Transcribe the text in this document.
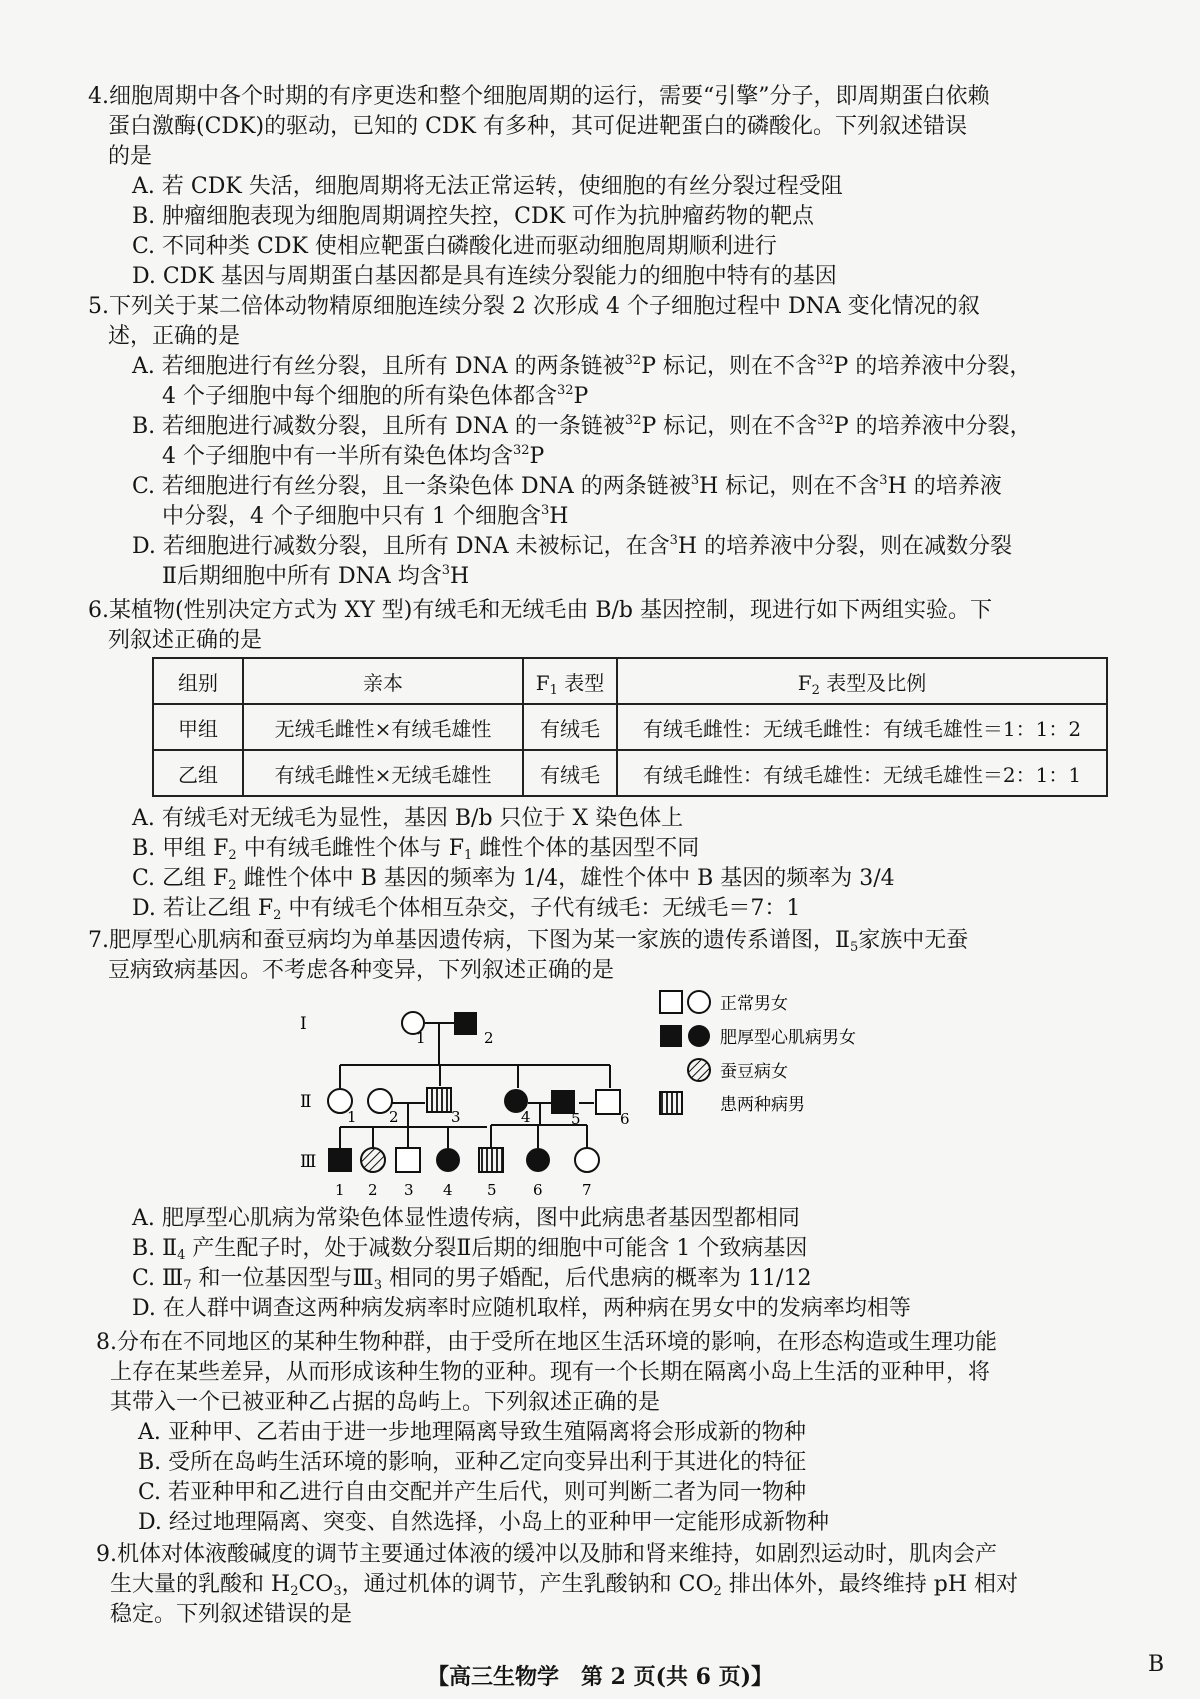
4.细胞周期中各个时期的有序更迭和整个细胞周期的运行，需要“引擎”分子，即周期蛋白依赖
蛋白激酶(CDK)的驱动，已知的 CDK 有多种，其可促进靶蛋白的磷酸化。下列叙述错误
的是
A. 若 CDK 失活，细胞周期将无法正常运转，使细胞的有丝分裂过程受阻
B. 肿瘤细胞表现为细胞周期调控失控，CDK 可作为抗肿瘤药物的靶点
C. 不同种类 CDK 使相应靶蛋白磷酸化进而驱动细胞周期顺利进行
D. CDK 基因与周期蛋白基因都是具有连续分裂能力的细胞中特有的基因
5.下列关于某二倍体动物精原细胞连续分裂 2 次形成 4 个子细胞过程中 DNA 变化情况的叙
述，正确的是
A. 若细胞进行有丝分裂，且所有 DNA 的两条链被$^{32}$P 标记，则在不含$^{32}$P 的培养液中分裂，
4 个子细胞中每个细胞的所有染色体都含$^{32}$P
B. 若细胞进行减数分裂，且所有 DNA 的一条链被$^{32}$P 标记，则在不含$^{32}$P 的培养液中分裂，
4 个子细胞中有一半所有染色体均含$^{32}$P
C. 若细胞进行有丝分裂，且一条染色体 DNA 的两条链被$^3$H 标记，则在不含$^3$H 的培养液
中分裂，4 个子细胞中只有 1 个细胞含$^3$H
D. 若细胞进行减数分裂，且所有 DNA 未被标记，在含$^3$H 的培养液中分裂，则在减数分裂
Ⅱ后期细胞中所有 DNA 均含$^3$H
6.某植物(性别决定方式为 XY 型)有绒毛和无绒毛由 B/b 基因控制，现进行如下两组实验。下
列叙述正确的是
组别	亲本	$F_1$ 表型	$F_2$ 表型及比例
甲组	无绒毛雌性×有绒毛雄性	有绒毛	有绒毛雌性：无绒毛雌性：有绒毛雄性＝1：1：2
乙组	有绒毛雌性×无绒毛雄性	有绒毛	有绒毛雌性：有绒毛雄性：无绒毛雄性＝2：1：1
A. 有绒毛对无绒毛为显性，基因 B/b 只位于 X 染色体上
B. 甲组 $F_2$ 中有绒毛雌性个体与 $F_1$ 雌性个体的基因型不同
C. 乙组 $F_2$ 雌性个体中 B 基因的频率为 1/4，雄性个体中 B 基因的频率为 3/4
D. 若让乙组 $F_2$ 中有绒毛个体相互杂交，子代有绒毛：无绒毛＝7：1
7.肥厚型心肌病和蚕豆病均为单基因遗传病，下图为某一家族的遗传系谱图，$Ⅱ_5$家族中无蚕
豆病致病基因。不考虑各种变异，下列叙述正确的是
Ⅰ
Ⅱ
Ⅲ
1	2
1 2	3	4	5	6
1 2 3 4 5 6	7
正常男女
肥厚型心肌病男女
蚕豆病女
患两种病男
A. 肥厚型心肌病为常染色体显性遗传病，图中此病患者基因型都相同
B. $Ⅱ_4$ 产生配子时，处于减数分裂Ⅱ后期的细胞中可能含 1 个致病基因
C. $Ⅲ_7$ 和一位基因型与$Ⅲ_3$ 相同的男子婚配，后代患病的概率为 11/12
D. 在人群中调查这两种病发病率时应随机取样，两种病在男女中的发病率均相等
8.分布在不同地区的某种生物种群，由于受所在地区生活环境的影响，在形态构造或生理功能
上存在某些差异，从而形成该种生物的亚种。现有一个长期在隔离小岛上生活的亚种甲，将
其带入一个已被亚种乙占据的岛屿上。下列叙述正确的是
A. 亚种甲、乙若由于进一步地理隔离导致生殖隔离将会形成新的物种
B. 受所在岛屿生活环境的影响，亚种乙定向变异出利于其进化的特征
C. 若亚种甲和乙进行自由交配并产生后代，则可判断二者为同一物种
D. 经过地理隔离、突变、自然选择，小岛上的亚种甲一定能形成新物种
9.机体对体液酸碱度的调节主要通过体液的缓冲以及肺和肾来维持，如剧烈运动时，肌肉会产
生大量的乳酸和 $H_2CO_3$，通过机体的调节，产生乳酸钠和 $CO_2$ 排出体外，最终维持 pH 相对
稳定。下列叙述错误的是
【高三生物学　第 2 页(共 6 页)】	B
